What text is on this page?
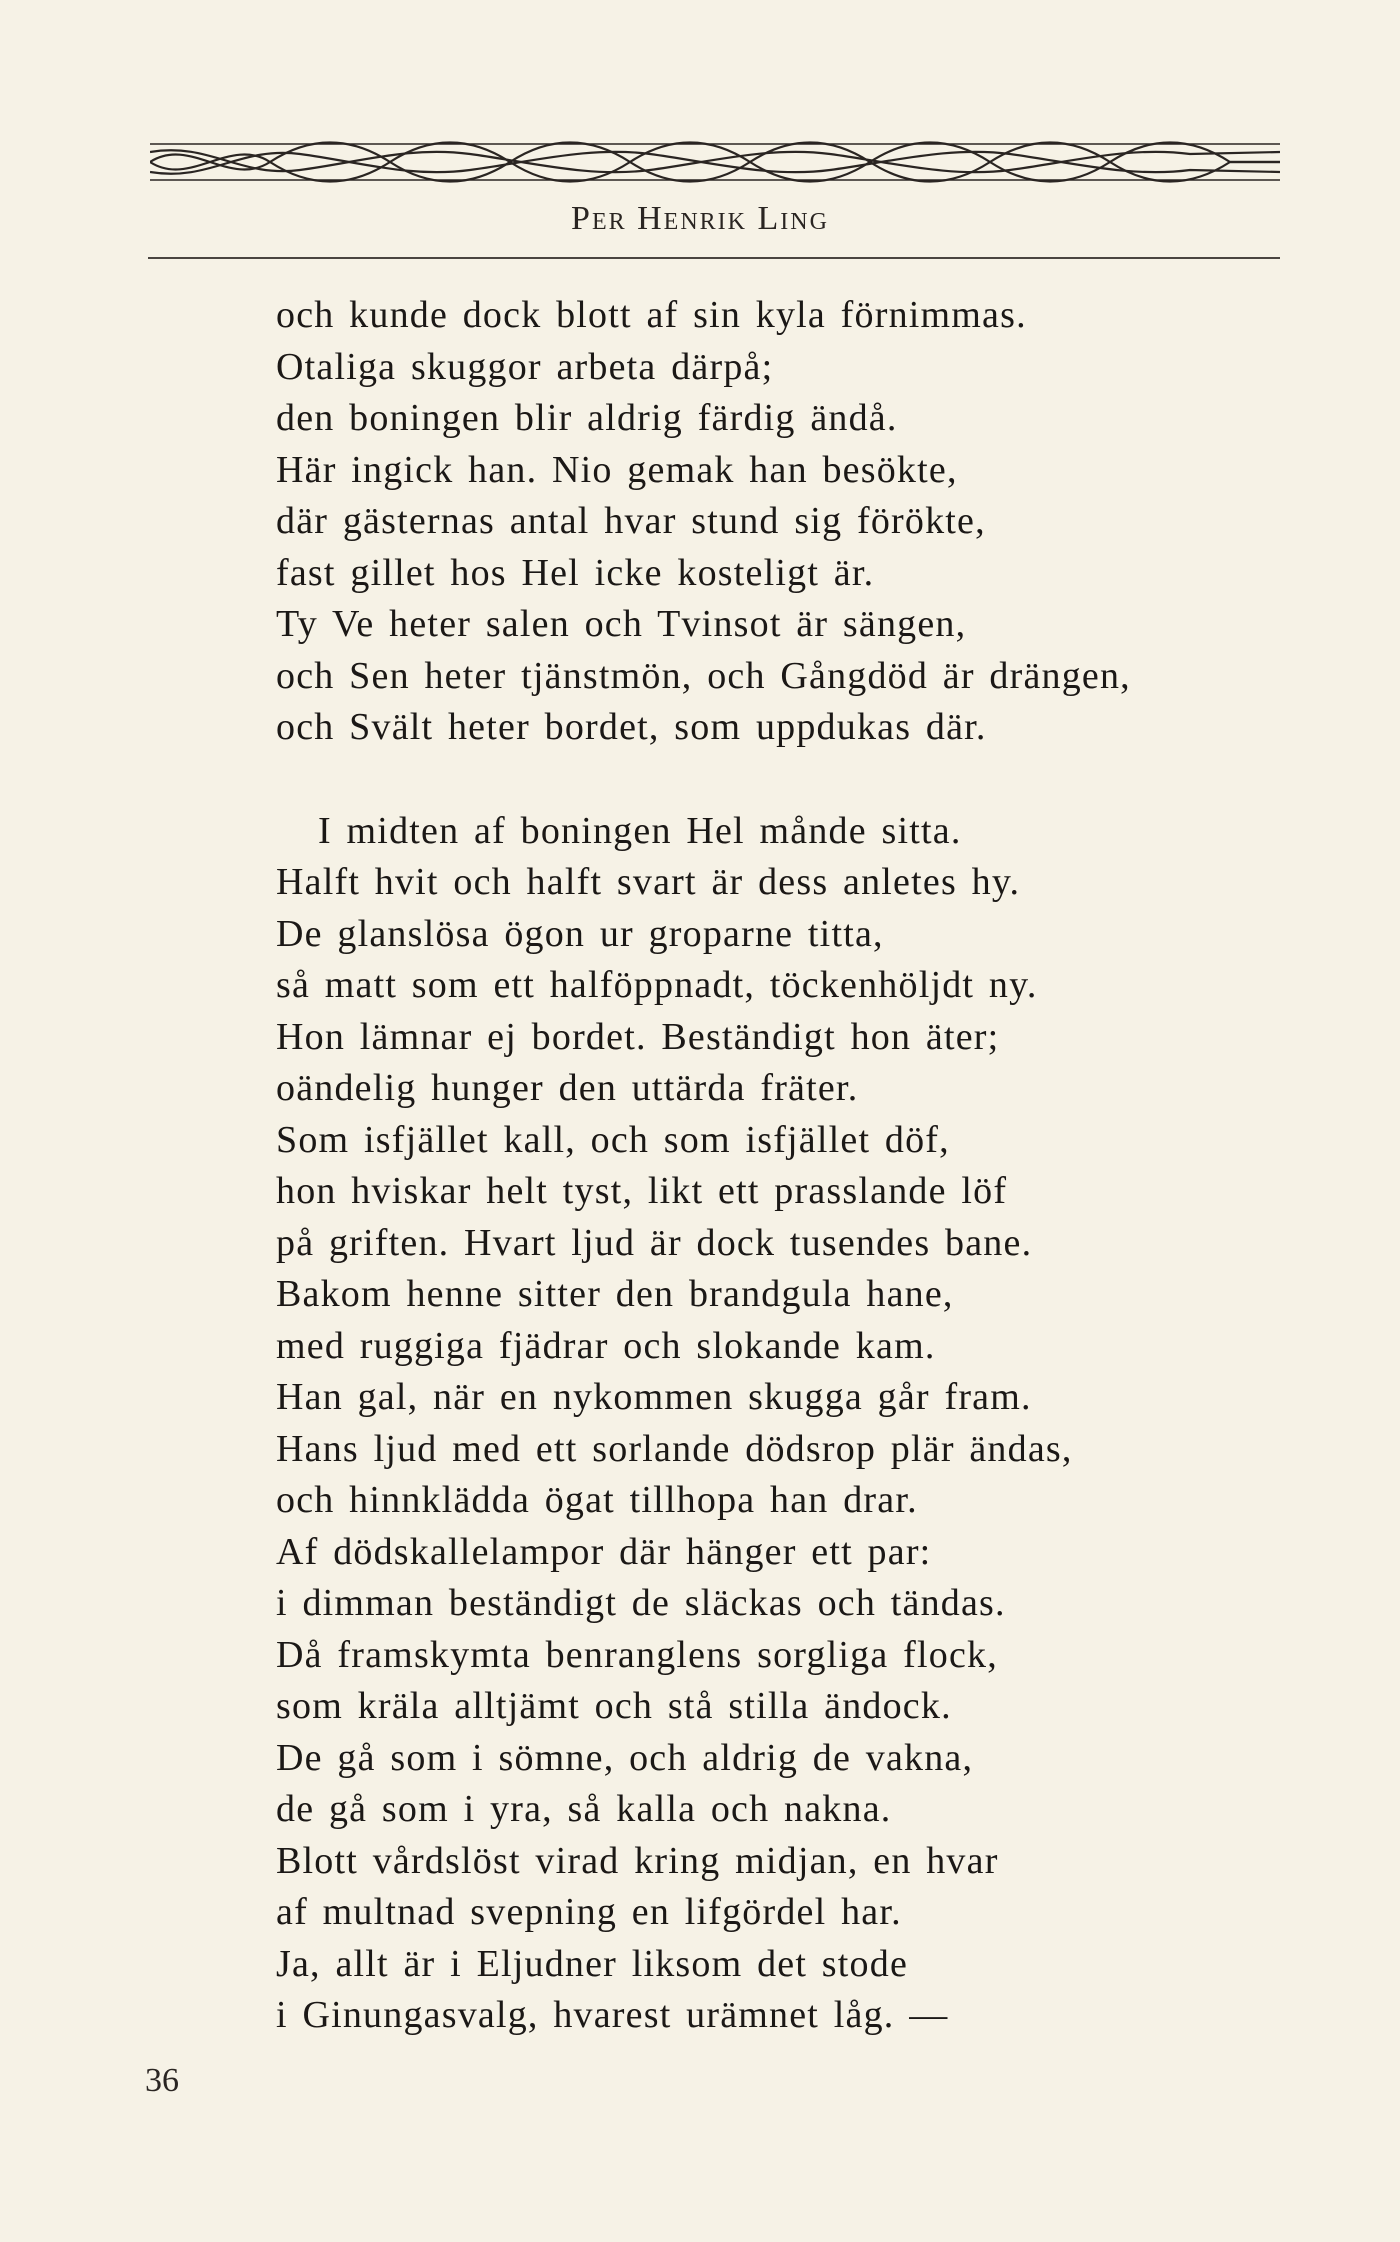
Per Henrik Ling
och kunde dock blott af sin kyla förnimmas.
Otaliga skuggor arbeta därpå;
den boningen blir aldrig färdig ändå.
Här ingick han. Nio gemak han besökte,
där gästernas antal hvar stund sig förökte,
fast gillet hos Hel icke kosteligt är.
Ty Ve heter salen och Tvinsot är sängen,
och Sen heter tjänstmön, och Gångdöd är drängen,
och Svält heter bordet, som uppdukas där.
I midten af boningen Hel månde sitta.
Halft hvit och halft svart är dess anletes hy.
De glanslösa ögon ur groparne titta,
så matt som ett halföppnadt, töckenhöljdt ny.
Hon lämnar ej bordet. Beständigt hon äter;
oändelig hunger den uttärda fräter.
Som isfjället kall, och som isfjället döf,
hon hviskar helt tyst, likt ett prasslande löf
på griften. Hvart ljud är dock tusendes bane.
Bakom henne sitter den brandgula hane,
med ruggiga fjädrar och slokande kam.
Han gal, när en nykommen skugga går fram.
Hans ljud med ett sorlande dödsrop plär ändas,
och hinnklädda ögat tillhopa han drar.
Af dödskallelampor där hänger ett par:
i dimman beständigt de släckas och tändas.
Då framskymta benranglens sorgliga flock,
som kräla alltjämt och stå stilla ändock.
De gå som i sömne, och aldrig de vakna,
de gå som i yra, så kalla och nakna.
Blott vårdslöst virad kring midjan, en hvar
af multnad svepning en lifgördel har.
Ja, allt är i Eljudner liksom det stode
i Ginungasvalg, hvarest urämnet låg. —
36
